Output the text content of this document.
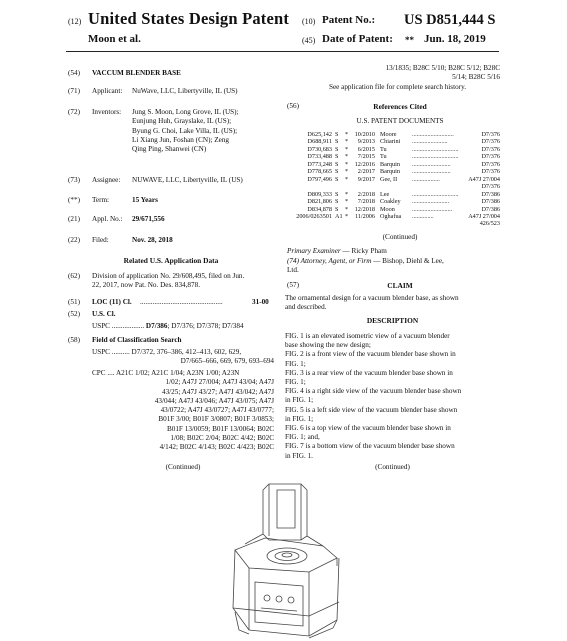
(12) United States Design Patent
Moon et al.
(10) Patent No.: US D851,444 S
(45) Date of Patent: ** Jun. 18, 2019
(54)	VACCUM BLENDER BASE
(71)	Applicant: NuWave, LLC, Libertyville, IL (US)
(72)	Inventors: Jung S. Moon, Long Grove, IL (US);
Eunjung Huh, Grayslake, IL (US);
Byung G. Choi, Lake Villa, IL (US);
Li Xiang Jun, Foshan (CN); Zeng
Qing Ping, Shanwei (CN)
(73)	Assignee: NUWAVE, LLC, Libertyville, IL (US)
(**)	Term:	15 Years
(21)	Appl. No.: 29/671,556
(22)	Filed:	Nov. 28, 2018
Related U.S. Application Data
(62)	Division of application No. 29/608,495, filed on Jun.
22, 2017, now Pat. No. Des. 834,878.
(51)	LOC (11) Cl. ..............................................	31-00
(52)	U.S. Cl.
USPC .................. D7/386; D7/376; D7/378; D7/384
(58)	Field of Classification Search
USPC .......... D7/372, 376–386, 412–413, 602, 629,
D7/665–666, 669, 679, 693–694
CPC .... A21C 1/02; A21C 1/04; A23N 1/00; A23N
1/02; A47J 27/004; A47J 43/04; A47J
43/25; A47J 43/27; A47J 43/042; A47J
43/044; A47J 43/046; A47J 43/075; A47J
43/0722; A47J 43/0727; A47J 43/0777;
B01F 3/00; B01F 3/0807; B01F 3/0853;
B01F 13/0059; B01F 13/0064; B02C
1/08; B02C 2/04; B02C 4/42; B02C
4/142; B02C 4/143; B02C 4/423; B02C
(Continued)
13/1835; B28C 5/10; B28C 5/12; B28C
5/14; B28C 5/16
See application file for complete search history.
(56)	References Cited
U.S. PATENT DOCUMENTS
D625,142 S	*	10/2010 Moore	...........................	D7/376
D688,911 S	*	9/2013 Chiarini	.......................	D7/376
D730,683 S	*	6/2015 Tu	..............................	D7/376
D733,488 S	*	7/2015 Tu	..............................	D7/376
D773,248 S	*	12/2016 Barquin	.........................	D7/376
D778,665 S	*	2/2017 Barquin	.........................	D7/376
D797,496 S	*	9/2017 Gee, II	..................	A47J 27/004
D7/376
D809,333 S	*	2/2018 Lee	..............................	D7/386
D821,806 S	*	7/2018 Coakley	........................	D7/386
D834,878 S	*	12/2018 Moon	..........................	D7/386
2006/0263501 A1 *	11/2006 Oghafua	..............	A47J 27/004
426/523
(Continued)
Primary Examiner — Ricky Pham
(74) Attorney, Agent, or Firm — Bishop, Diehl & Lee,
Ltd.
(57)	CLAIM
The ornamental design for a vacuum blender base, as shown
and described.
DESCRIPTION
FIG. 1 is an elevated isometric view of a vacuum blender
base showing the new design;
FIG. 2 is a front view of the vacuum blender base shown in
FIG. 1;
FIG. 3 is a rear view of the vacuum blender base shown in
FIG. 1;
FIG. 4 is a right side view of the vacuum blender base shown
in FIG. 1;
FIG. 5 is a left side view of the vacuum blender base shown
in FIG. 1;
FIG. 6 is a top view of the vacuum blender base shown in
FIG. 1; and,
FIG. 7 is a bottom view of the vacuum blender base shown
in FIG. 1.
(Continued)
